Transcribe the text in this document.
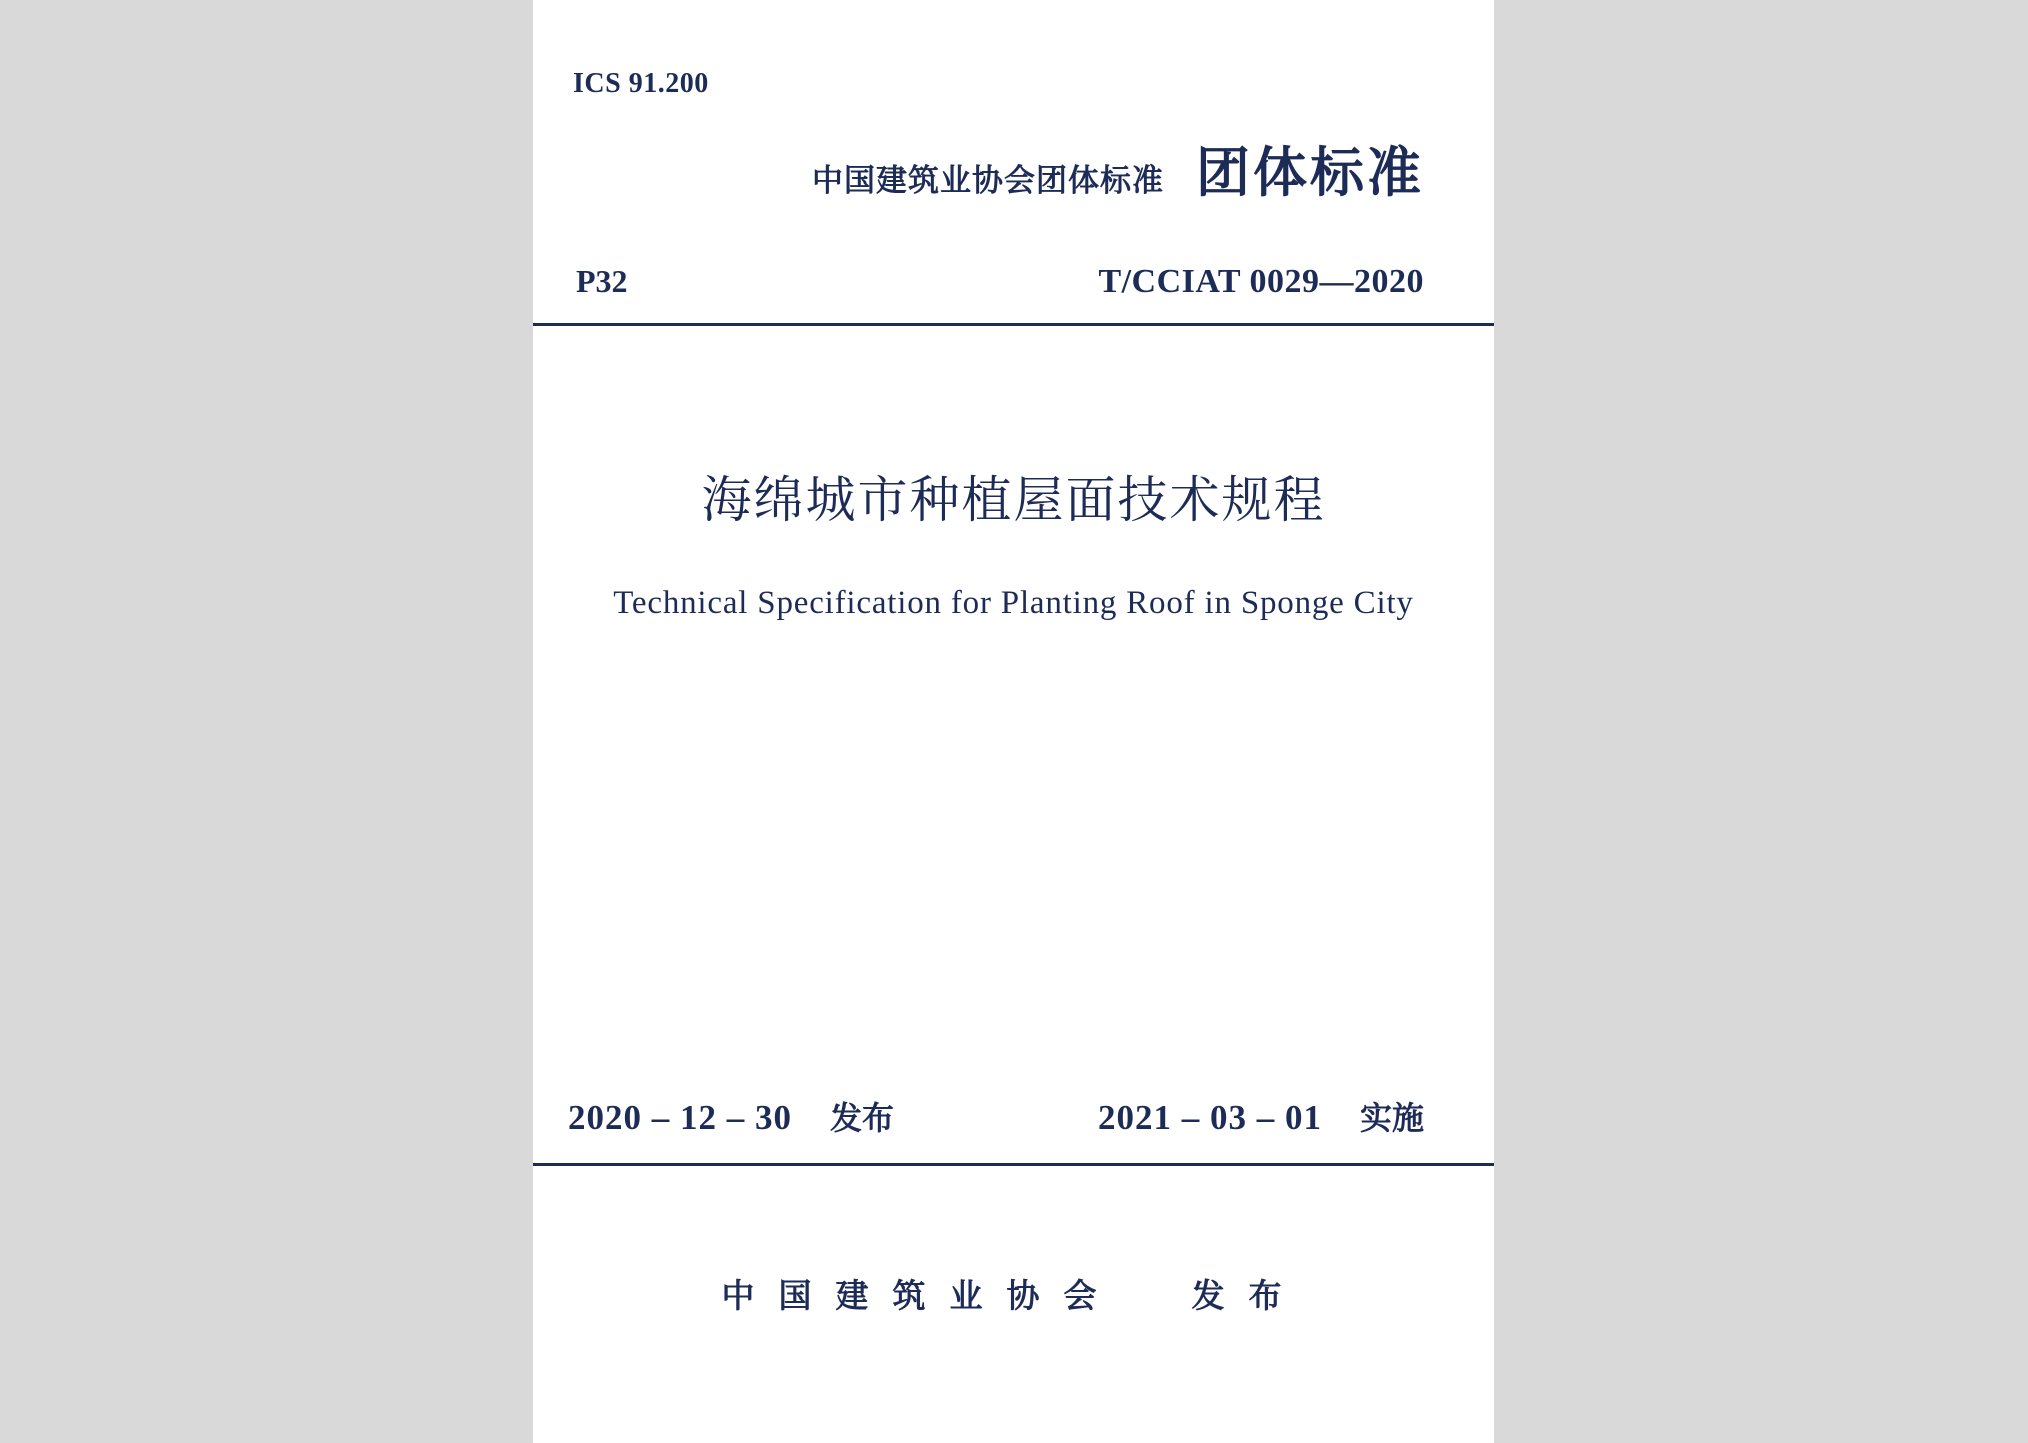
ICS 91.200
中国建筑业协会团体标准 团体标准
P32	T/CCIAT 0029—2020
海绵城市种植屋面技术规程
Technical Specification for Planting Roof in Sponge City
2020 – 12 – 30 发布	2021 – 03 – 01 实施
中国建筑业协会  发布
